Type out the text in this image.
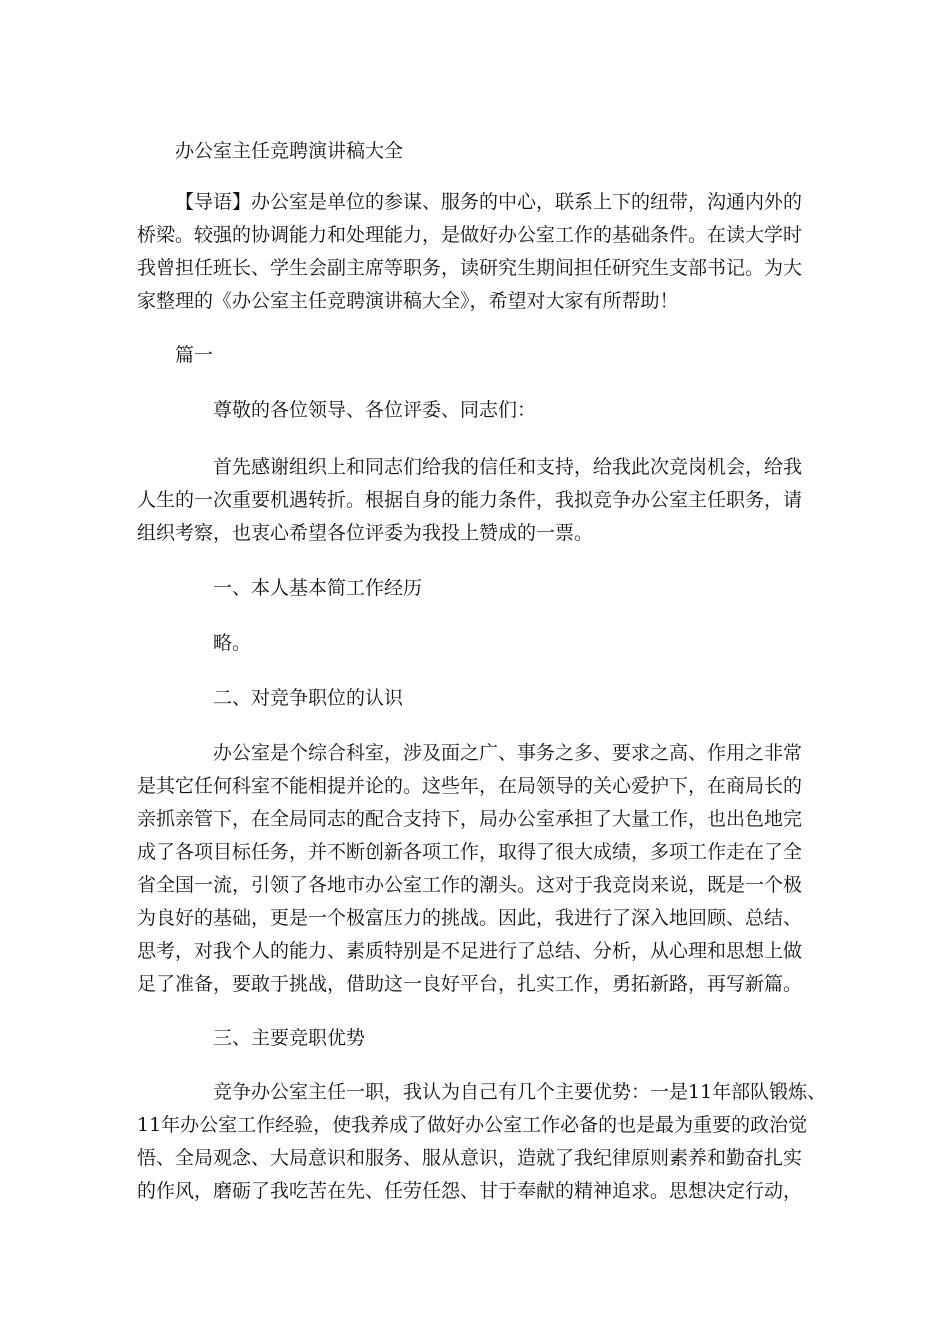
办公室主任竞聘演讲稿大全

【导语】办公室是单位的参谋、服务的中心，联系上下的纽带，沟通内外的
桥梁。较强的协调能力和处理能力，是做好办公室工作的基础条件。在读大学时
我曾担任班长、学生会副主席等职务，读研究生期间担任研究生支部书记。为大
家整理的《办公室主任竞聘演讲稿大全》，希望对大家有所帮助！

篇一

尊敬的各位领导、各位评委、同志们：

首先感谢组织上和同志们给我的信任和支持，给我此次竞岗机会，给我
人生的一次重要机遇转折。根据自身的能力条件，我拟竞争办公室主任职务，请
组织考察，也衷心希望各位评委为我投上赞成的一票。

一、本人基本简工作经历

略。

二、对竞争职位的认识

办公室是个综合科室，涉及面之广、事务之多、要求之高、作用之非常
是其它任何科室不能相提并论的。这些年，在局领导的关心爱护下，在商局长的
亲抓亲管下，在全局同志的配合支持下，局办公室承担了大量工作，也出色地完
成了各项目标任务，并不断创新各项工作，取得了很大成绩，多项工作走在了全
省全国一流，引领了各地市办公室工作的潮头。这对于我竞岗来说，既是一个极
为良好的基础，更是一个极富压力的挑战。因此，我进行了深入地回顾、总结、
思考，对我个人的能力、素质特别是不足进行了总结、分析，从心理和思想上做
足了准备，要敢于挑战，借助这一良好平台，扎实工作，勇拓新路，再写新篇。

三、主要竞职优势

竞争办公室主任一职，我认为自己有几个主要优势：一是11年部队锻炼、
11年办公室工作经验，使我养成了做好办公室工作必备的也是最为重要的政治觉
悟、全局观念、大局意识和服务、服从意识，造就了我纪律原则素养和勤奋扎实
的作风，磨砺了我吃苦在先、任劳任怨、甘于奉献的精神追求。思想决定行动，
